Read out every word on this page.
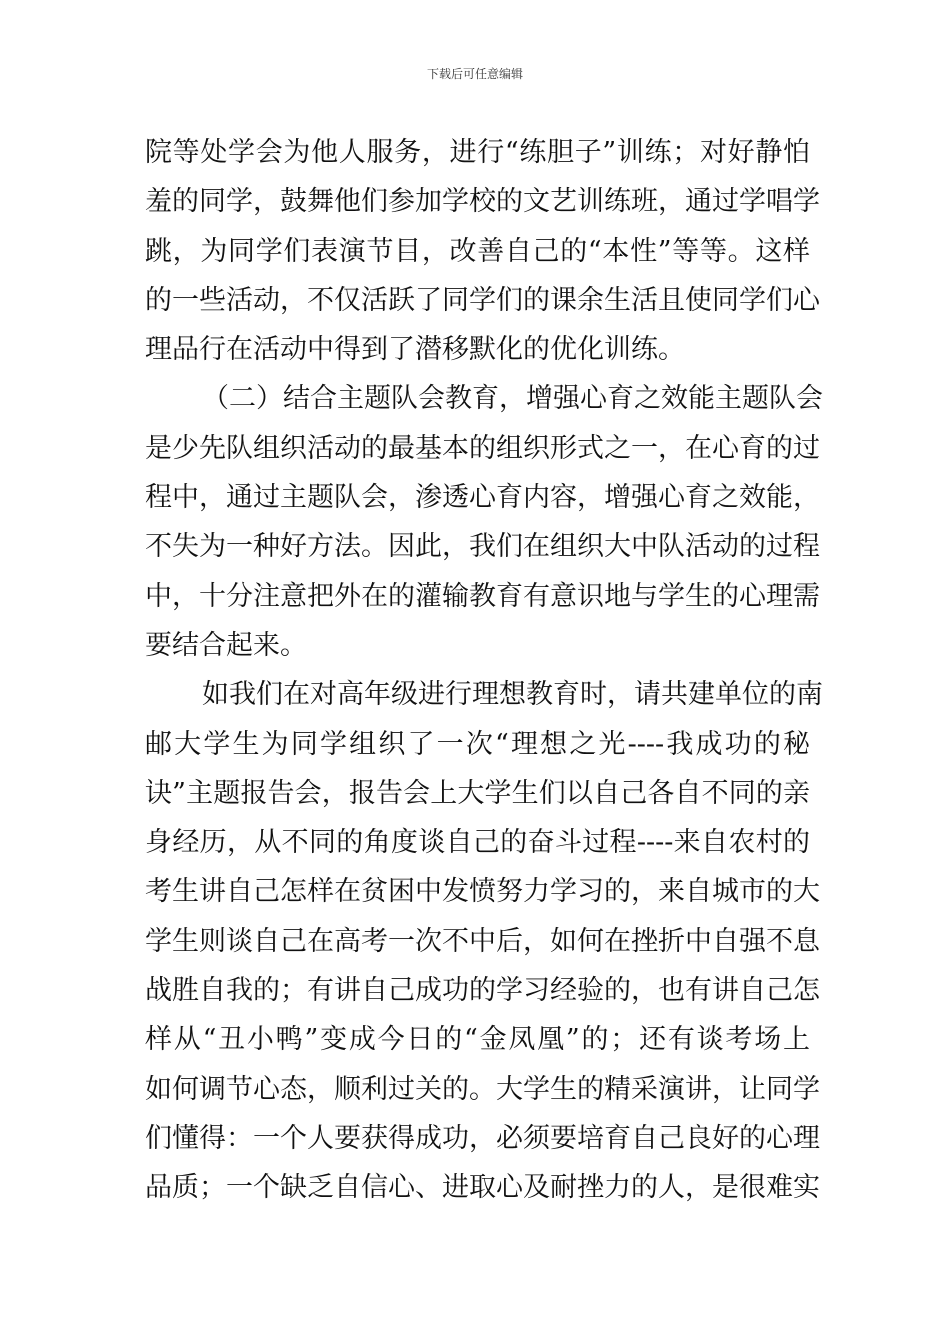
下载后可任意编辑
院等处学会为他人服务，进行“练胆子”训练；对好静怕
羞的同学，鼓舞他们参加学校的文艺训练班，通过学唱学
跳，为同学们表演节目，改善自己的“本性”等等。这样
的一些活动，不仅活跃了同学们的课余生活且使同学们心
理品行在活动中得到了潜移默化的优化训练。
（二）结合主题队会教育，增强心育之效能主题队会
是少先队组织活动的最基本的组织形式之一，在心育的过
程中，通过主题队会，渗透心育内容，增强心育之效能，
不失为一种好方法。因此，我们在组织大中队活动的过程
中，十分注意把外在的灌输教育有意识地与学生的心理需
要结合起来。
如我们在对高年级进行理想教育时，请共建单位的南
邮大学生为同学组织了一次“理想之光----我成功的秘
诀”主题报告会，报告会上大学生们以自己各自不同的亲
身经历，从不同的角度谈自己的奋斗过程----来自农村的
考生讲自己怎样在贫困中发愤努力学习的，来自城市的大
学生则谈自己在高考一次不中后，如何在挫折中自强不息
战胜自我的；有讲自己成功的学习经验的，也有讲自己怎
样从“丑小鸭”变成今日的“金凤凰”的；还有谈考场上
如何调节心态，顺利过关的。大学生的精采演讲，让同学
们懂得：一个人要获得成功，必须要培育自己良好的心理
品质；一个缺乏自信心、进取心及耐挫力的人，是很难实
